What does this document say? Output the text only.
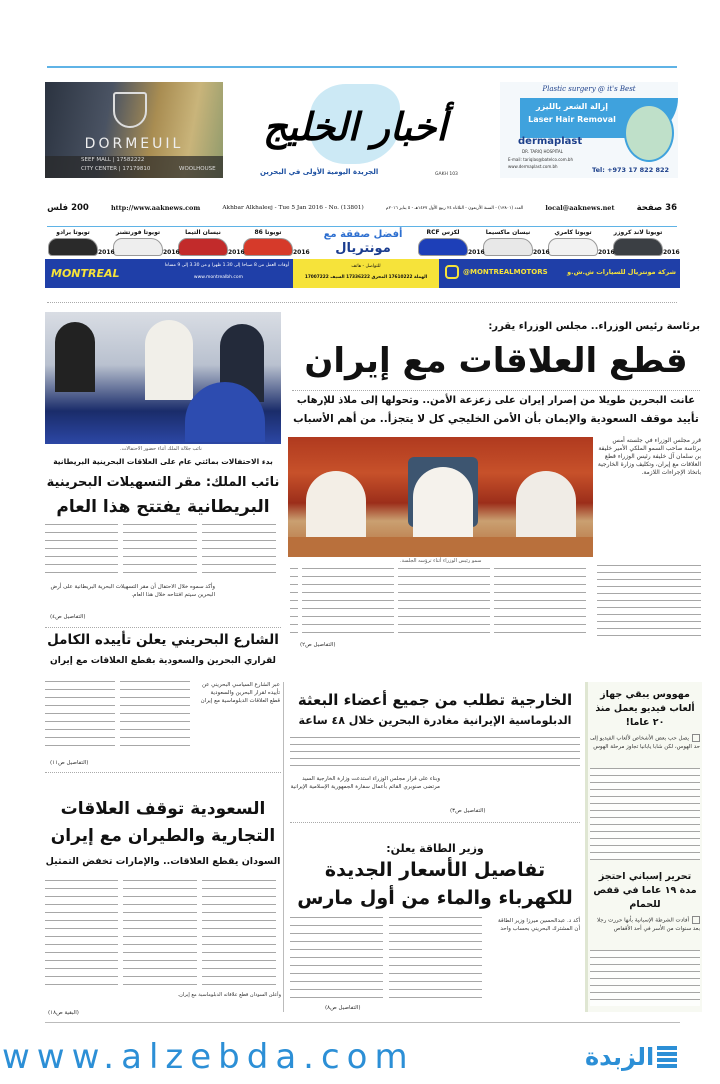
DORMEUIL
SEEF MALL | 17582222
CITY CENTER | 17179810	WOOLHOUSE
أخبار الخليج
الجريدة اليومية الأولى في البحرين	GAKH 103
Plastic surgery @ it's Best
إزالة الشعر بالليزر
Laser Hair Removal
dermaplast
DR. TARIQ HOSPITAL
E-mail: tariqlas@batelco.com.bh
www.dermaplast.com.bh	Tel: +973 17 822 822
36 صفحة
local@aaknews.net
العدد (١٣٨٠١) - السنة الأربعون - الثلاثاء ٢٤ ربيع الأول ١٤٣٧هـ - ٥ يناير ٢٠١٦م
Akhbar Alkhaleej - Tue 5 Jan 2016 - No. (13801)
http://www.aaknews.com
200 فلس
تويوتا لاند كروزر
2016
تويوتا كامري
2016
نيسان ماكسيما
2016
لكزس RCF
2016
تويوتا 86
2016
نيسان التيما
2016
تويوتا فورتشنر
2016
تويوتا برادو
2016
أفضل صفقة مع
مونتريال
MONTREAL
أوقات العمل من 8 صباحا إلى 1.30 ظهرا و من 3.30 إلى 9 مساءا
www.montrealbh.com
للتواصل - هاتف
الهملة 17610222 المحرق 17336222 السيف 17007222
@MONTREALMOTORS	شركة مونتريال للسيارات ش.ش.و
برئاسة رئيس الوزراء.. مجلس الوزراء يقرر:
قطع العلاقات مع إيران
عانت البحرين طويلا من إصرار إيران على زعزعة الأمن.. وتحولها إلى ملاذ للإرهاب
تأييد موقف السعودية والإيمان بأن الأمن الخليجي كل لا يتجزأ.. من أهم الأسباب
سمو رئيس الوزراء أثناء ترؤسه الجلسة.
قرر مجلس الوزراء في جلسته أمس برئاسة صاحب السمو الملكي الأمير خليفة بن سلمان آل خليفة رئيس الوزراء قطع العلاقات مع إيران، وتكليف وزارة الخارجية باتخاذ الإجراءات اللازمة.
(التفاصيل ص٢)
نائب جلالة الملك أثناء حضور الاحتفالات.
بدء الاحتفالات بمائتي عام على العلاقات البحرينية البريطانية
نائب الملك: مقر التسهيلات البحرينية
البريطانية يفتتح هذا العام
وأكد سموه خلال الاحتفال أن مقر التسهيلات البحرية البريطانية على أرض البحرين سيتم افتتاحه خلال هذا العام.
(التفاصيل ص٤)
الشارع البحريني يعلن تأييده الكامل
لقراري البحرين والسعودية بقطع العلاقات مع إيران
عبر الشارع السياسي البحريني عن تأييده لقرار البحرين والسعودية قطع العلاقات الدبلوماسية مع إيران
(التفاصيل ص١١)
الخارجية تطلب من جميع أعضاء البعثة
الدبلوماسية الإيرانية مغادرة البحرين خلال ٤٨ ساعة
وبناء على قرار مجلس الوزراء استدعت وزارة الخارجية السيد مرتضى صنوبري القائم بأعمال سفارة الجمهورية الإسلامية الإيرانية
(التفاصيل ص٣)
السعودية توقف العلاقات
التجارية والطيران مع إيران
السودان يقطع العلاقات.. والإمارات تخفض التمثيل
وأعلن السودان قطع علاقاته الدبلوماسية مع إيران.
(البقية ص١٨)
وزير الطاقة يعلن:
تفاصيل الأسعار الجديدة
للكهرباء والماء من أول مارس
أكد د. عبدالحسين ميرزا وزير الطاقة أن المشترك البحريني بحساب واحد
(التفاصيل ص٨)
مهووس يبقي جهاز ألعاب فيديو يعمل منذ ٢٠ عاما!
يصل حب بعض الأشخاص لألعاب الفيديو إلى حد الهوس، لكن شابا يابانيا تجاوز مرحلة الهوس
تحرير إسباني احتجز مدة ١٩ عاما في قفص للحمام
أفادت الشرطة الإسبانية بأنها حررت رجلا بعد سنوات من الأسر في أحد الأقفاص
www.alzebda.com	الزبدة
